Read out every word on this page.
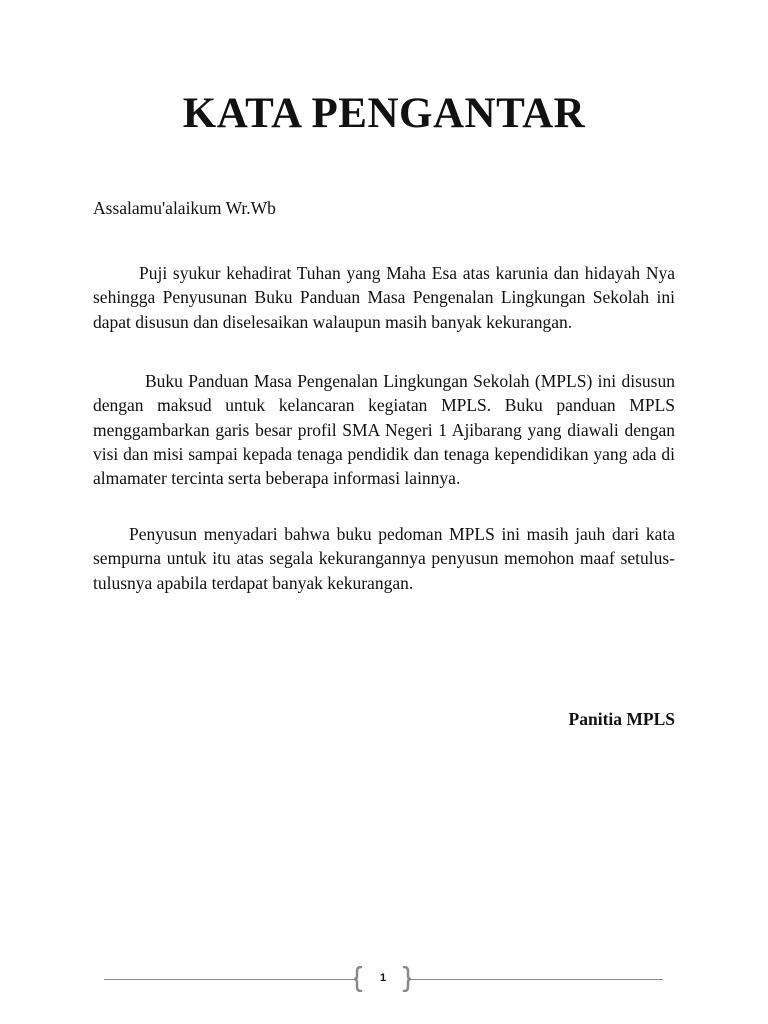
KATA PENGANTAR

Assalamu'alaikum Wr.Wb

Puji syukur kehadirat Tuhan yang Maha Esa atas karunia dan hidayah Nya sehingga Penyusunan Buku Panduan Masa Pengenalan Lingkungan Sekolah ini dapat disusun dan diselesaikan walaupun masih banyak kekurangan.

Buku Panduan Masa Pengenalan Lingkungan Sekolah (MPLS) ini disusun dengan maksud untuk kelancaran kegiatan MPLS. Buku panduan MPLS menggambarkan garis besar profil SMA Negeri 1 Ajibarang yang diawali dengan visi dan misi sampai kepada tenaga pendidik dan tenaga kependidikan yang ada di almamater tercinta serta beberapa informasi lainnya.

Penyusun menyadari bahwa buku pedoman MPLS ini masih jauh dari kata sempurna untuk itu atas segala kekurangannya penyusun memohon maaf setulus-tulusnya apabila terdapat banyak kekurangan.

Panitia MPLS

1
